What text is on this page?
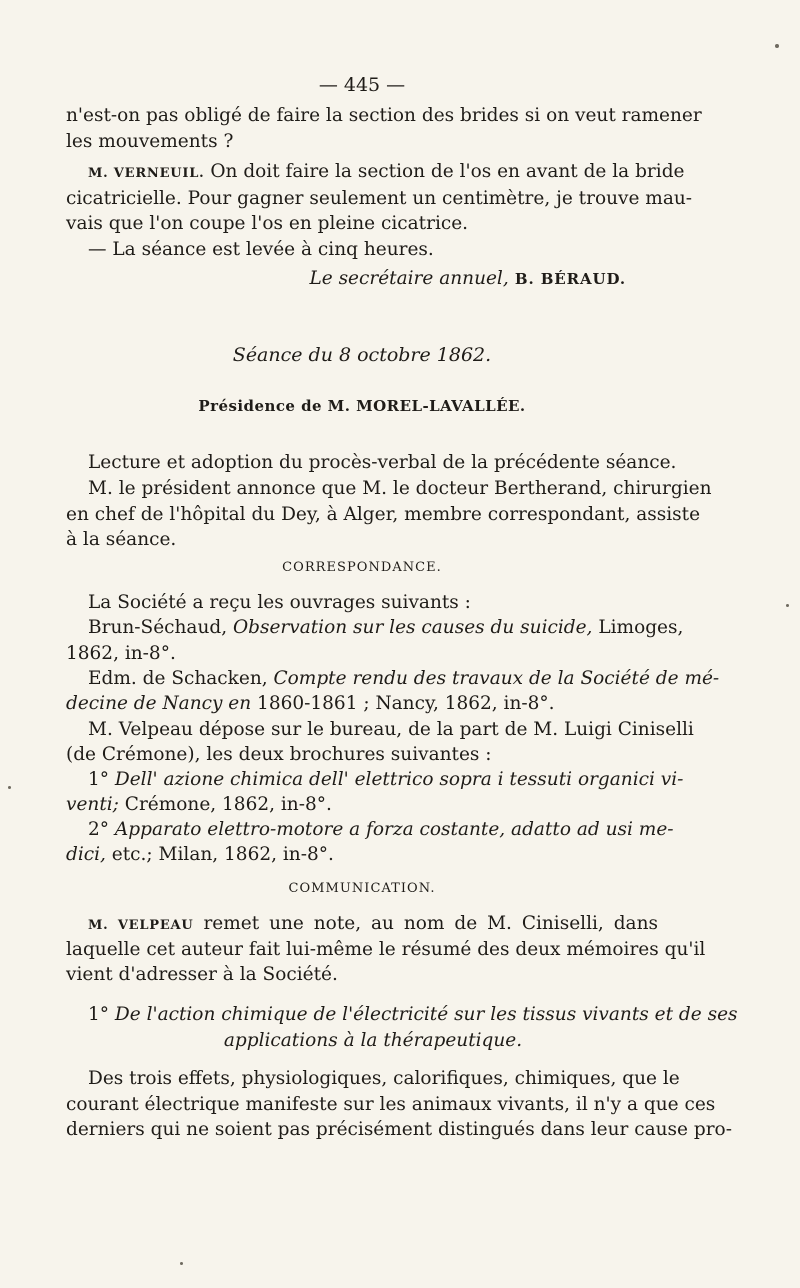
— 445 —
n'est-on pas obligé de faire la section des brides si on veut ramener
les mouvements ?
M. VERNEUIL. On doit faire la section de l'os en avant de la bride
cicatricielle. Pour gagner seulement un centimètre, je trouve mau-
vais que l'on coupe l'os en pleine cicatrice.
— La séance est levée à cinq heures.
Le secrétaire annuel, B. BÉRAUD.
Séance du 8 octobre 1862.
Présidence de M. MOREL-LAVALLÉE.
Lecture et adoption du procès-verbal de la précédente séance.
M. le président annonce que M. le docteur Bertherand, chirurgien
en chef de l'hôpital du Dey, à Alger, membre correspondant, assiste
à la séance.
CORRESPONDANCE.
La Société a reçu les ouvrages suivants :
Brun-Séchaud, Observation sur les causes du suicide, Limoges,
1862, in-8°.
Edm. de Schacken, Compte rendu des travaux de la Société de mé-
decine de Nancy en 1860-1861 ; Nancy, 1862, in-8°.
M. Velpeau dépose sur le bureau, de la part de M. Luigi Ciniselli
(de Crémone), les deux brochures suivantes :
1° Dell' azione chimica dell' elettrico sopra i tessuti organici vi-
venti; Crémone, 1862, in-8°.
2° Apparato elettro-motore a forza costante, adatto ad usi me-
dici, etc.; Milan, 1862, in-8°.
COMMUNICATION.
M. VELPEAU remet une note, au nom de M. Ciniselli, dans
laquelle cet auteur fait lui-même le résumé des deux mémoires qu'il
vient d'adresser à la Société.
1° De l'action chimique de l'électricité sur les tissus vivants et de ses
applications à la thérapeutique.
Des trois effets, physiologiques, calorifiques, chimiques, que le
courant électrique manifeste sur les animaux vivants, il n'y a que ces
derniers qui ne soient pas précisément distingués dans leur cause pro-
